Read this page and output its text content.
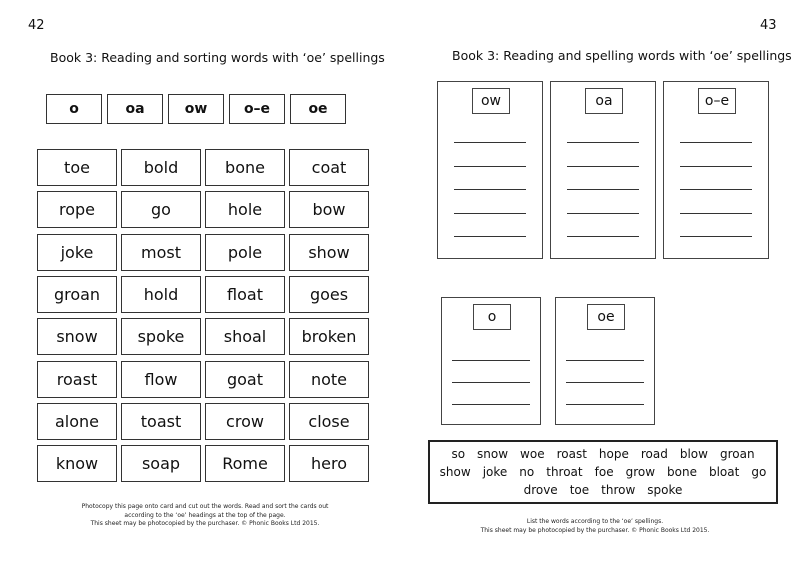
42
Book 3: Reading and sorting words with ‘oe’ spellings
o	oa	ow	o–e	oe
toe	bold	bone	coat
rope	go	hole	bow
joke	most	pole	show
groan	hold	float	goes
snow	spoke	shoal	broken
roast	flow	goat	note
alone	toast	crow	close
know	soap	Rome	hero
Photocopy this page onto card and cut out the words. Read and sort the cards out
according to the ‘oe’ headings at the top of the page.
This sheet may be photocopied by the purchaser. © Phonic Books Ltd 2015.
43
Book 3: Reading and spelling words with ‘oe’ spellings
ow	oa	o–e
o	oe
so snow woe roast hope road blow groan
show joke no throat foe grow bone bloat go
drove toe throw spoke
List the words according to the ‘oe’ spellings.
This sheet may be photocopied by the purchaser. © Phonic Books Ltd 2015.
